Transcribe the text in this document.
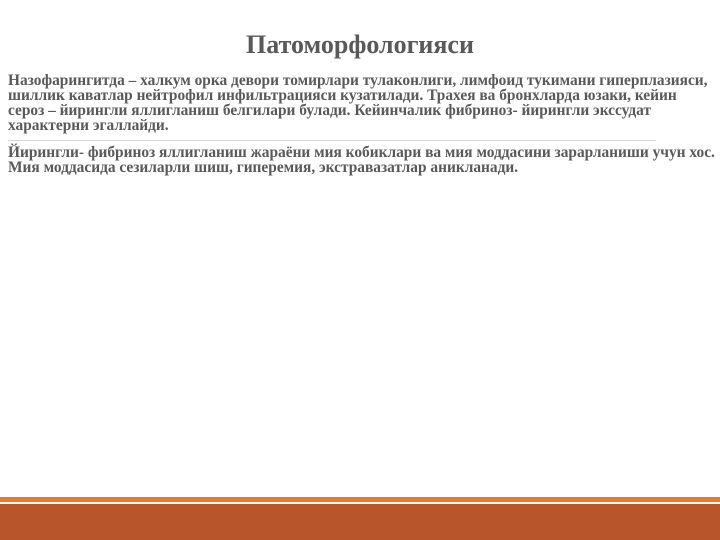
Патоморфологияси

Назофарингитда – халкум орка девори томирлари тулаконлиги, лимфоид тукимани гиперплазияси, шиллик каватлар нейтрофил инфильтрацияси кузатилади. Трахея ва бронхларда юзаки, кейин сероз – йирингли яллигланиш белгилари булади. Кейинчалик фибриноз- йирингли экссудат характерни эгаллайди.

Йирингли- фибриноз яллигланиш жараёни мия кобиклари ва мия моддасини зарарланиши учун хос. Мия моддасида сезиларли шиш, гиперемия, экстравазатлар аникланади.
